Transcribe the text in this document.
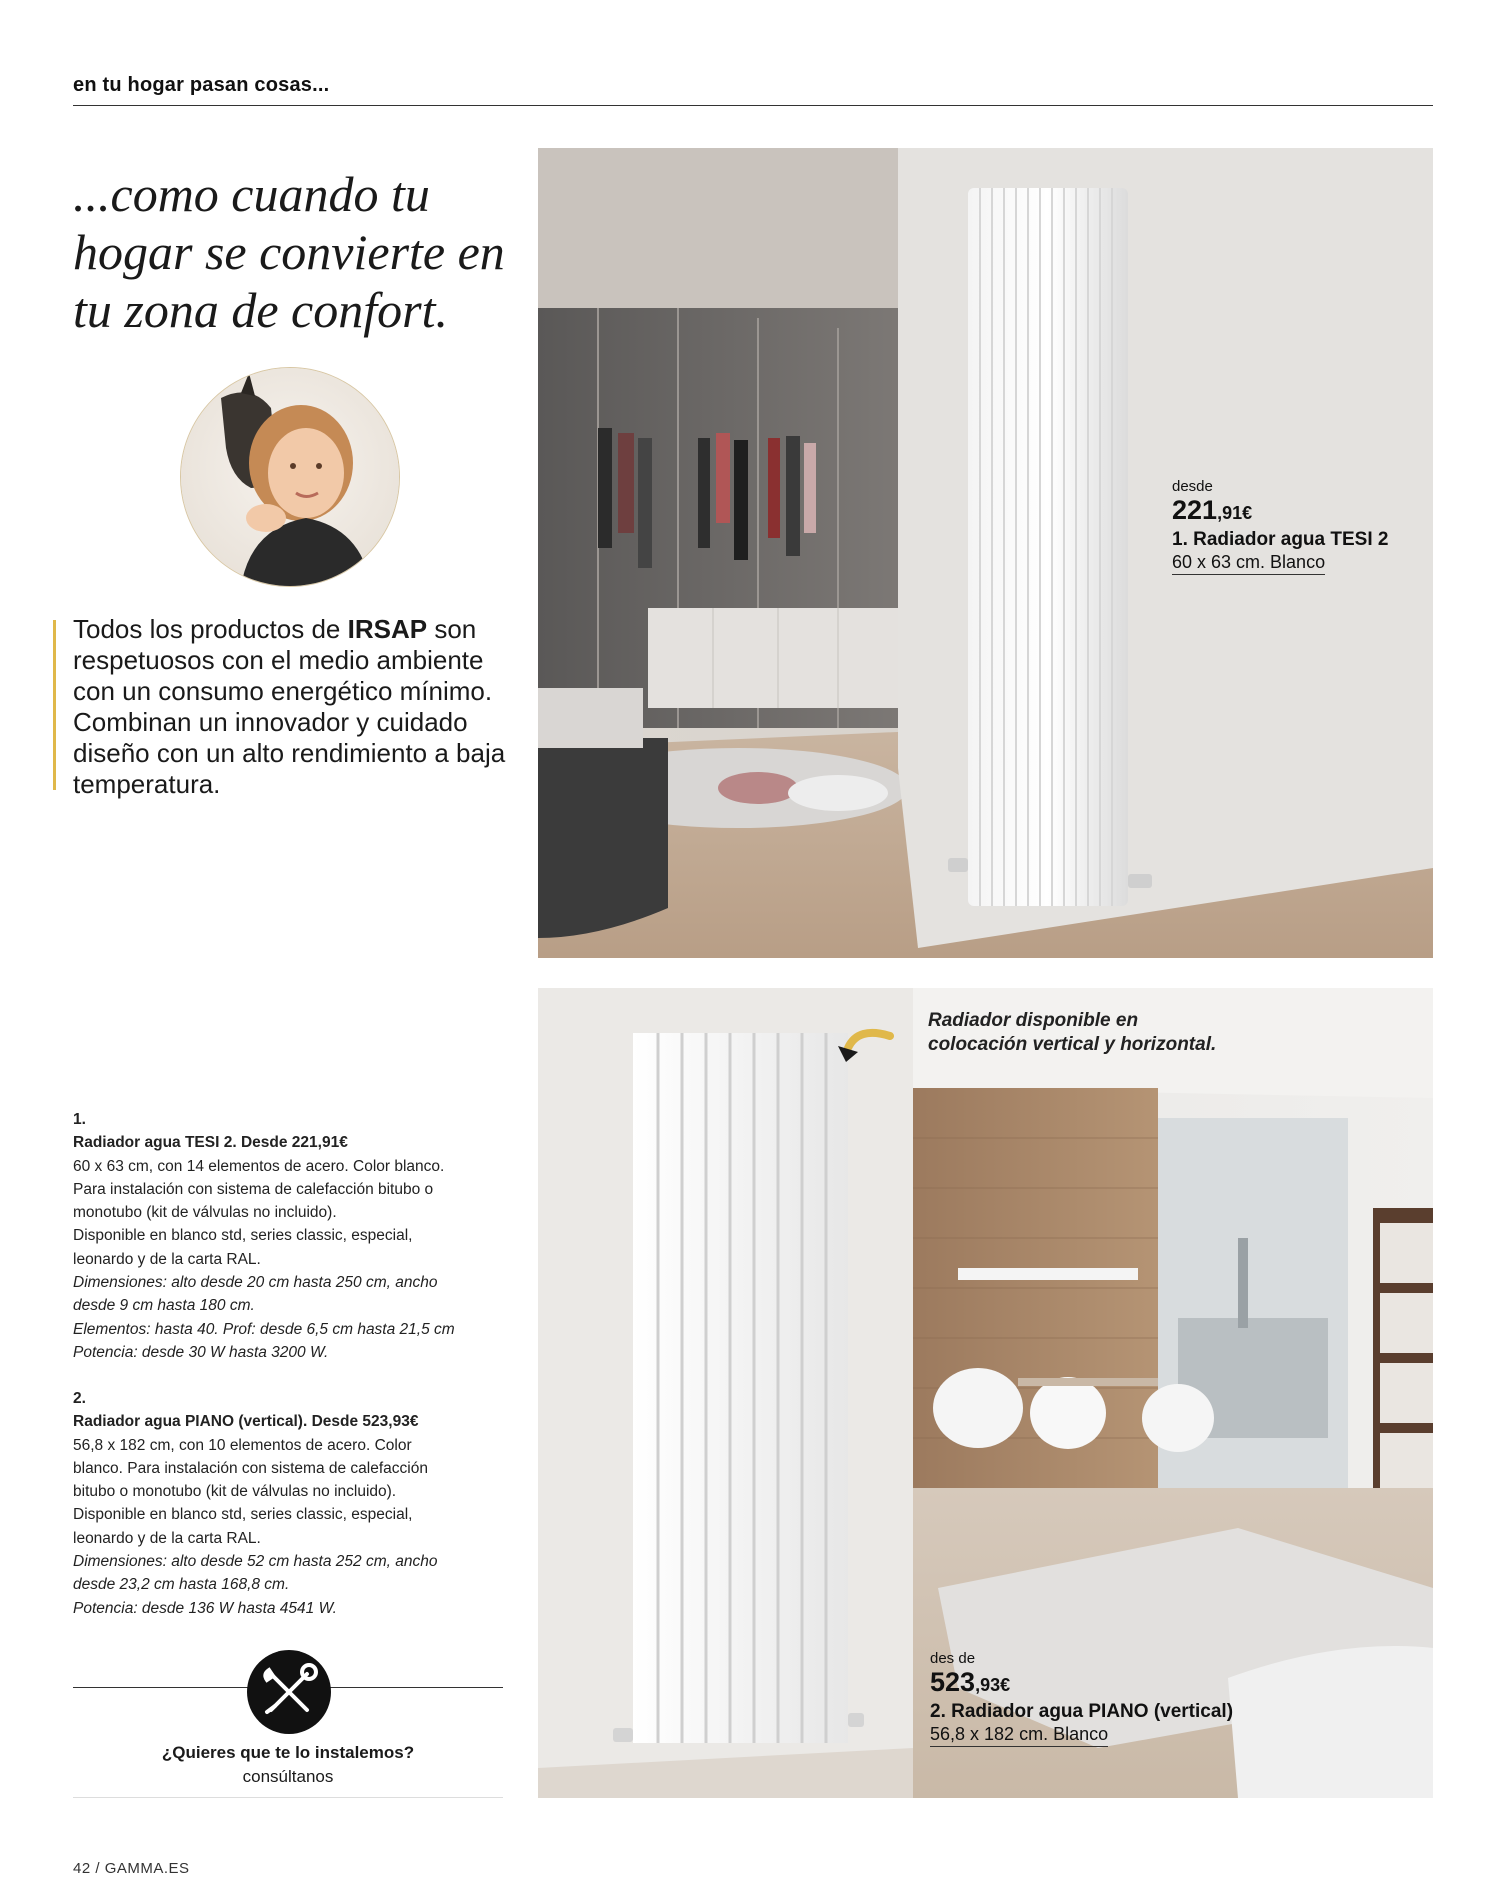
en tu hogar pasan cosas...
...como cuando tu
hogar se convierte en
tu zona de confort.
Todos los productos de IRSAP son respetuosos con el medio ambiente con un consumo energético mínimo. Combinan un innovador y cuidado diseño con un alto rendimiento a baja temperatura.
desde
221,91€
1. Radiador agua TESI 2
60 x 63 cm. Blanco
Radiador disponible en
colocación vertical y horizontal.
des de
523,93€
2. Radiador agua PIANO (vertical)
56,8 x 182 cm. Blanco
1.
Radiador agua TESI 2. Desde 221,91€
60 x 63 cm, con 14 elementos de acero. Color blanco.
Para instalación con sistema de calefacción bitubo o
monotubo (kit de válvulas no incluido).
Disponible en blanco std, series classic, especial,
leonardo y de la carta RAL.
Dimensiones: alto desde 20 cm hasta 250 cm, ancho
desde 9 cm hasta 180 cm.
Elementos: hasta 40. Prof: desde 6,5 cm hasta 21,5 cm
Potencia: desde 30 W hasta 3200 W.
2.
Radiador agua PIANO (vertical). Desde 523,93€
56,8 x 182 cm, con 10 elementos de acero. Color
blanco. Para instalación con sistema de calefacción
bitubo o monotubo (kit de válvulas no incluido).
Disponible en blanco std, series classic, especial,
leonardo y de la carta RAL.
Dimensiones: alto desde 52 cm hasta 252 cm, ancho
desde 23,2 cm hasta 168,8 cm.
Potencia: desde 136 W hasta 4541 W.
¿Quieres que te lo instalemos?
consúltanos
42 / GAMMA.ES
